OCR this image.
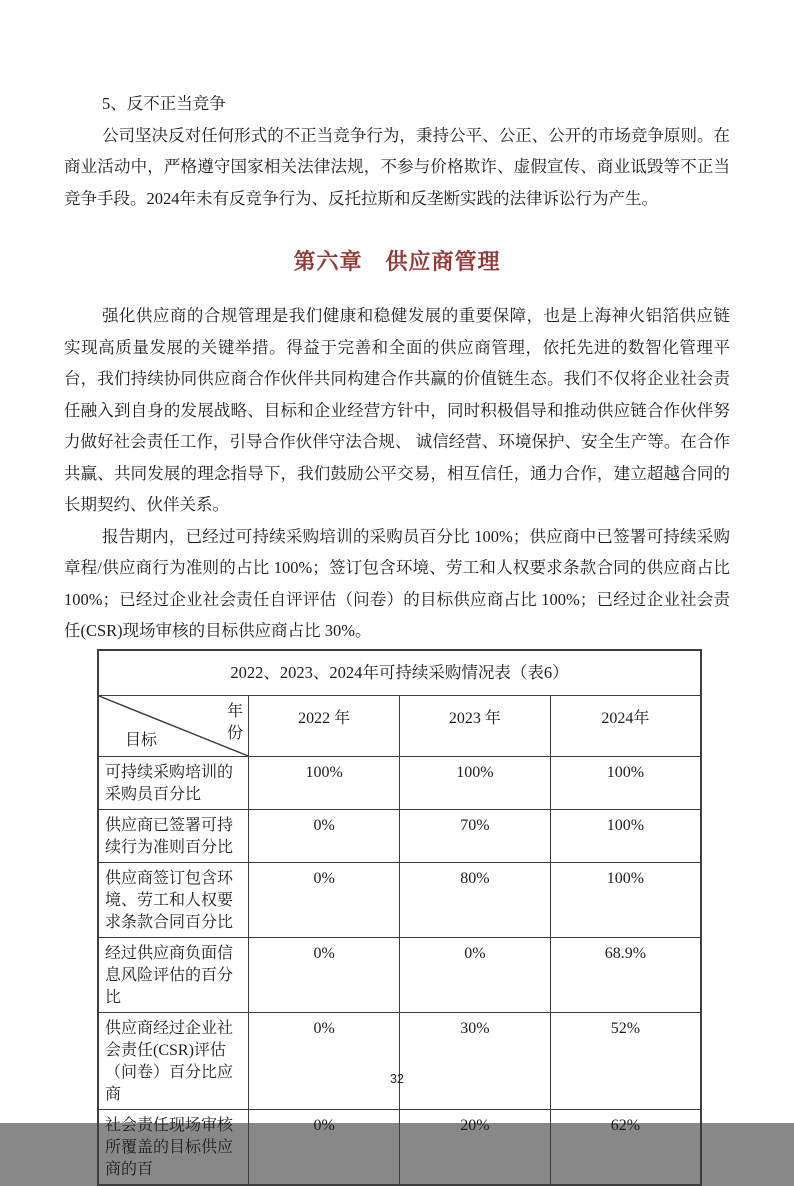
5、反不正当竞争

公司坚决反对任何形式的不正当竞争行为，秉持公平、公正、公开的市场竞争原则。在商业活动中，严格遵守国家相关法律法规，不参与价格欺诈、虚假宣传、商业诋毁等不正当竞争手段。2024年未有反竞争行为、反托拉斯和反垄断实践的法律诉讼行为产生。

第六章　供应商管理

强化供应商的合规管理是我们健康和稳健发展的重要保障，也是上海神火铝箔供应链 实现高质量发展的关键举措。得益于完善和全面的供应商管理，依托先进的数智化管理平台，我们持续协同供应商合作伙伴共同构建合作共赢的价值链生态。我们不仅将企业社会责任融入到自身的发展战略、目标和企业经营方针中，同时积极倡导和推动供应链合作伙伴努力做好社会责任工作，引导合作伙伴守法合规、 诚信经营、环境保护、安全生产等。在合作共赢、共同发展的理念指导下，我们鼓励公平交易，相互信任，通力合作，建立超越合同的长期契约、伙伴关系。

报告期内，已经过可持续采购培训的采购员百分比 100%；供应商中已签署可持续采购章程/供应商行为准则的占比 100%；签订包含环境、劳工和人权要求条款合同的供应商占比 100%；已经过企业社会责任自评评估（问卷）的目标供应商占比 100%；已经过企业社会责任(CSR)现场审核的目标供应商占比 30%。

2022、2023、2024年可持续采购情况表（表6）			

年份
目标	2022 年	2023 年	2024年
可持续采购培训的采购员百分比	100%	100%	100%
供应商已签署可持续行为准则百分比	0%	70%	100%
供应商签订包含环境、劳工和人权要求条款合同百分比	0%	80%	100%
经过供应商负面信息风险评估的百分比	0%	0%	68.9%
供应商经过企业社会责任(CSR)评估（问卷）百分比应商	0%	30%	52%
社会责任现场审核所覆盖的目标供应商的百	0%	20%	62%
32
